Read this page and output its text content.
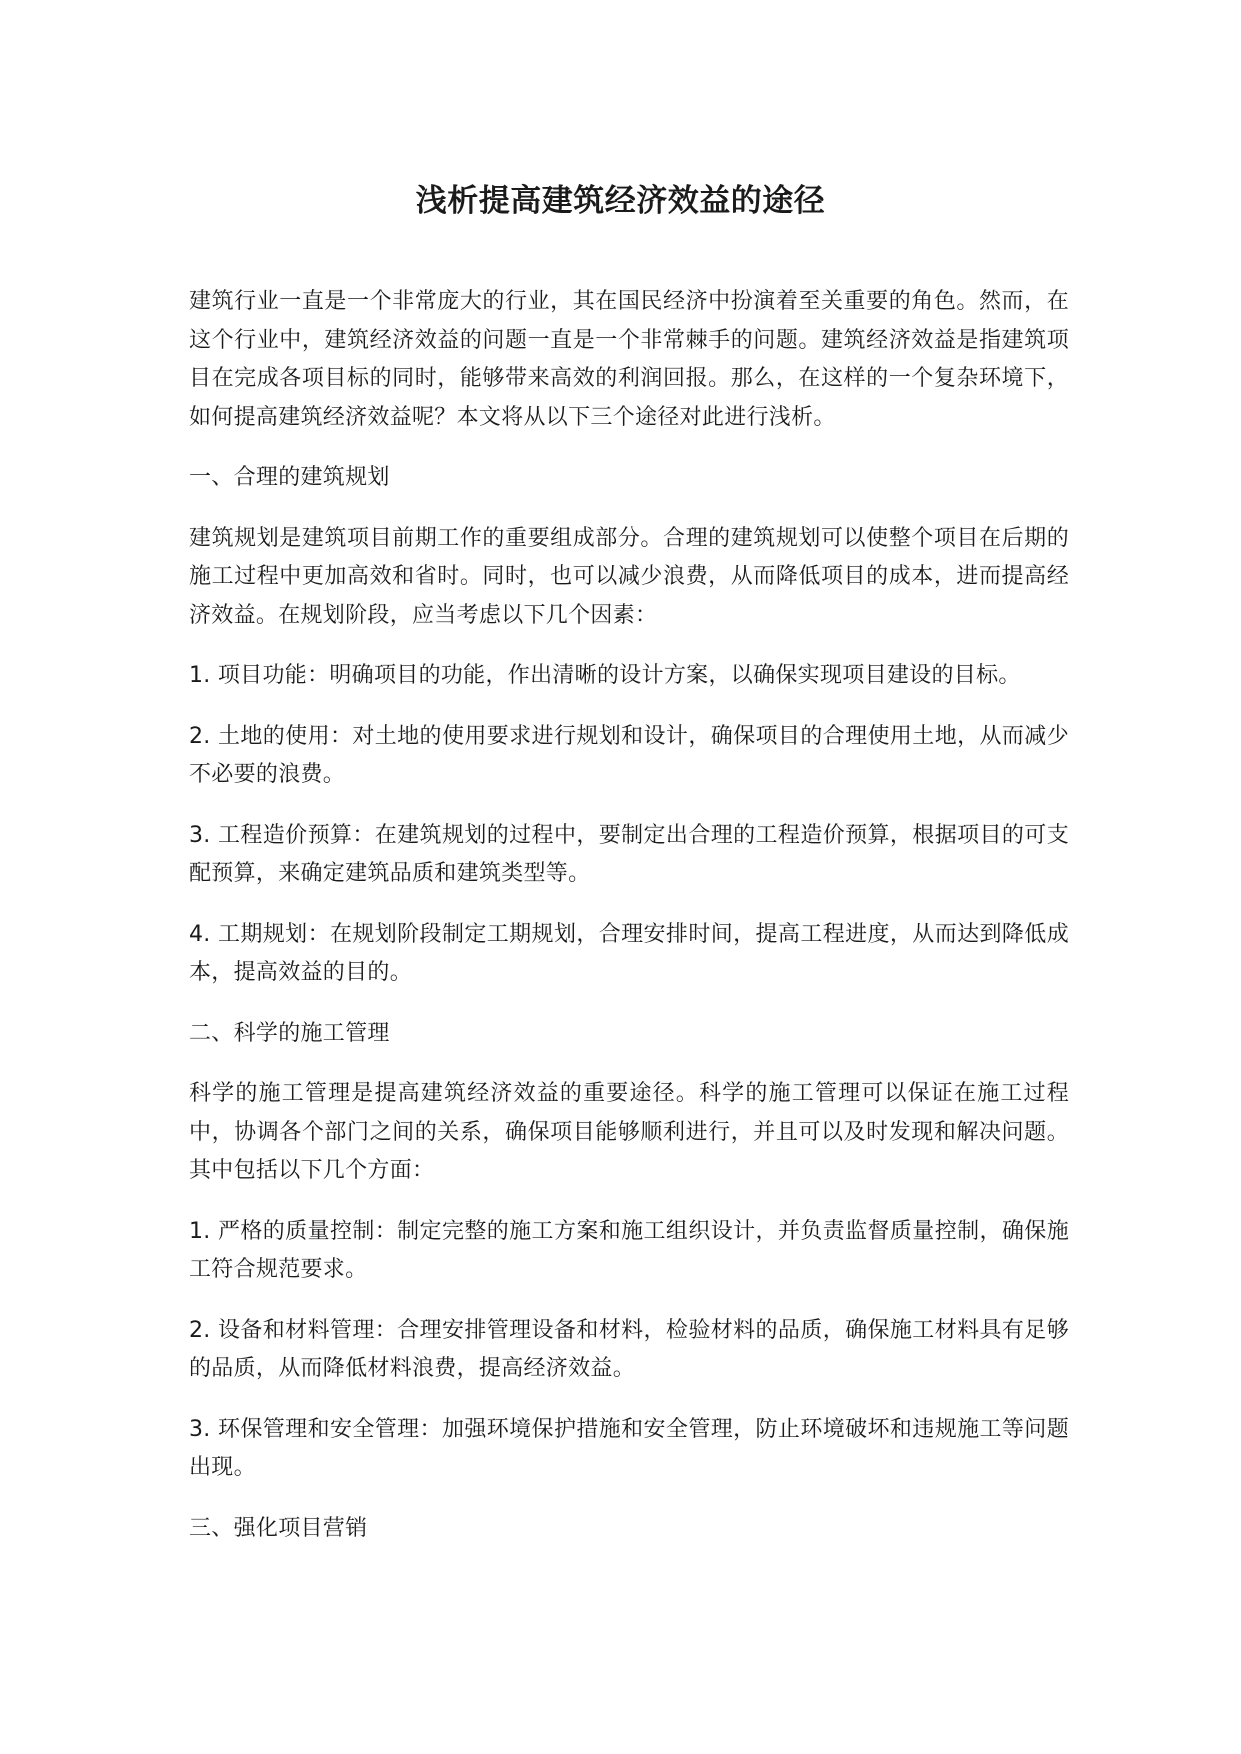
浅析提高建筑经济效益的途径

建筑行业一直是一个非常庞大的行业，其在国民经济中扮演着至关重要的角色。然而，在这个行业中，建筑经济效益的问题一直是一个非常棘手的问题。建筑经济效益是指建筑项目在完成各项目标的同时，能够带来高效的利润回报。那么，在这样的一个复杂环境下，如何提高建筑经济效益呢？本文将从以下三个途径对此进行浅析。

一、合理的建筑规划

建筑规划是建筑项目前期工作的重要组成部分。合理的建筑规划可以使整个项目在后期的施工过程中更加高效和省时。同时，也可以减少浪费，从而降低项目的成本，进而提高经济效益。在规划阶段，应当考虑以下几个因素：

1. 项目功能：明确项目的功能，作出清晰的设计方案，以确保实现项目建设的目标。

2. 土地的使用：对土地的使用要求进行规划和设计，确保项目的合理使用土地，从而减少不必要的浪费。

3. 工程造价预算：在建筑规划的过程中，要制定出合理的工程造价预算，根据项目的可支配预算，来确定建筑品质和建筑类型等。

4. 工期规划：在规划阶段制定工期规划，合理安排时间，提高工程进度，从而达到降低成本，提高效益的目的。

二、科学的施工管理

科学的施工管理是提高建筑经济效益的重要途径。科学的施工管理可以保证在施工过程中，协调各个部门之间的关系，确保项目能够顺利进行，并且可以及时发现和解决问题。其中包括以下几个方面：

1. 严格的质量控制：制定完整的施工方案和施工组织设计，并负责监督质量控制，确保施工符合规范要求。

2. 设备和材料管理：合理安排管理设备和材料，检验材料的品质，确保施工材料具有足够的品质，从而降低材料浪费，提高经济效益。

3. 环保管理和安全管理：加强环境保护措施和安全管理，防止环境破坏和违规施工等问题出现。

三、强化项目营销
